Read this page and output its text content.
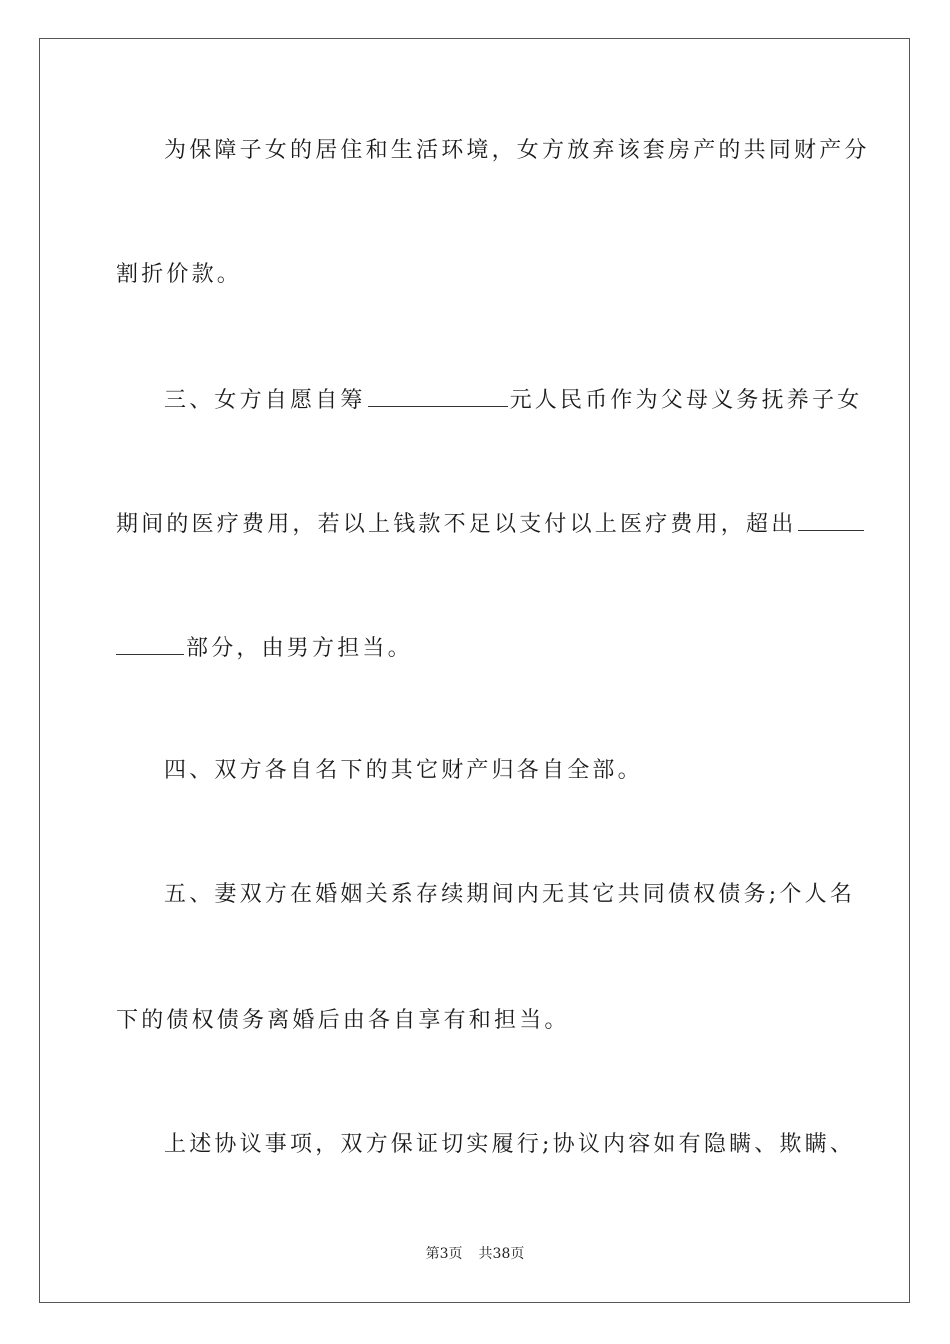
为保障子女的居住和生活环境，女方放弃该套房产的共同财产分
割折价款。
三、女方自愿自筹	元人民币作为父母义务抚养子女
期间的医疗费用，若以上钱款不足以支付以上医疗费用，超出
部分，由男方担当。
四、双方各自名下的其它财产归各自全部。
五、妻双方在婚姻关系存续期间内无其它共同债权债务;个人名
下的债权债务离婚后由各自享有和担当。
上述协议事项，双方保证切实履行;协议内容如有隐瞒、欺瞒、
第3页 共38页
